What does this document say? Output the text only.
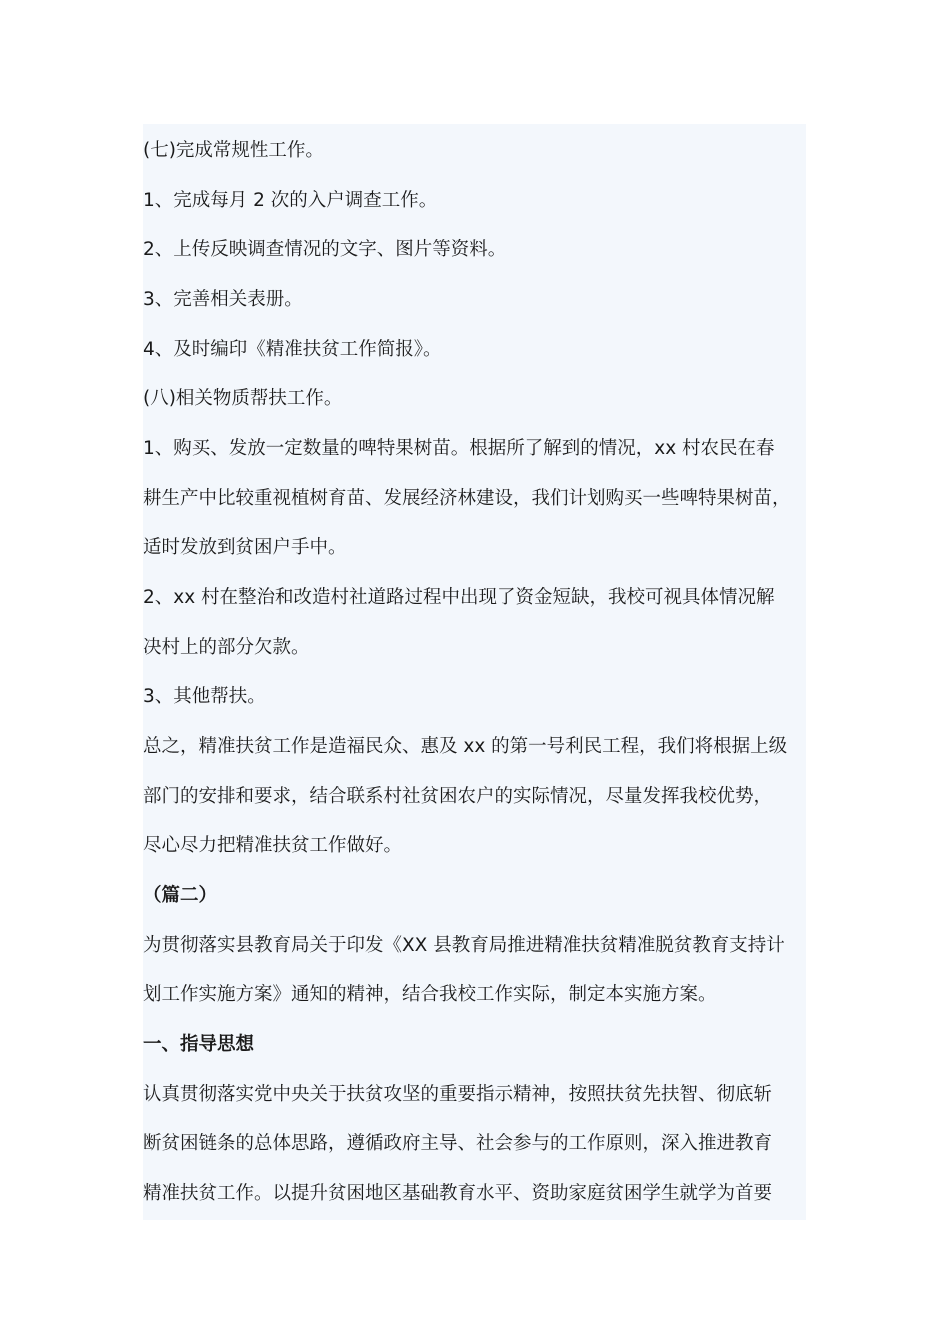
(七)完成常规性工作。
1、完成每月 2 次的入户调查工作。
2、上传反映调查情况的文字、图片等资料。
3、完善相关表册。
4、及时编印《精准扶贫工作简报》。
(八)相关物质帮扶工作。
1、购买、发放一定数量的啤特果树苗。根据所了解到的情况，xx 村农民在春
耕生产中比较重视植树育苗、发展经济林建设，我们计划购买一些啤特果树苗，
适时发放到贫困户手中。
2、xx 村在整治和改造村社道路过程中出现了资金短缺，我校可视具体情况解
决村上的部分欠款。
3、其他帮扶。
总之，精准扶贫工作是造福民众、惠及 xx 的第一号利民工程，我们将根据上级
部门的安排和要求，结合联系村社贫困农户的实际情况，尽量发挥我校优势，
尽心尽力把精准扶贫工作做好。
（篇二）
为贯彻落实县教育局关于印发《XX 县教育局推进精准扶贫精准脱贫教育支持计
划工作实施方案》通知的精神，结合我校工作实际，制定本实施方案。
一、指导思想
认真贯彻落实党中央关于扶贫攻坚的重要指示精神，按照扶贫先扶智、彻底斩
断贫困链条的总体思路，遵循政府主导、社会参与的工作原则，深入推进教育
精准扶贫工作。以提升贫困地区基础教育水平、资助家庭贫困学生就学为首要
